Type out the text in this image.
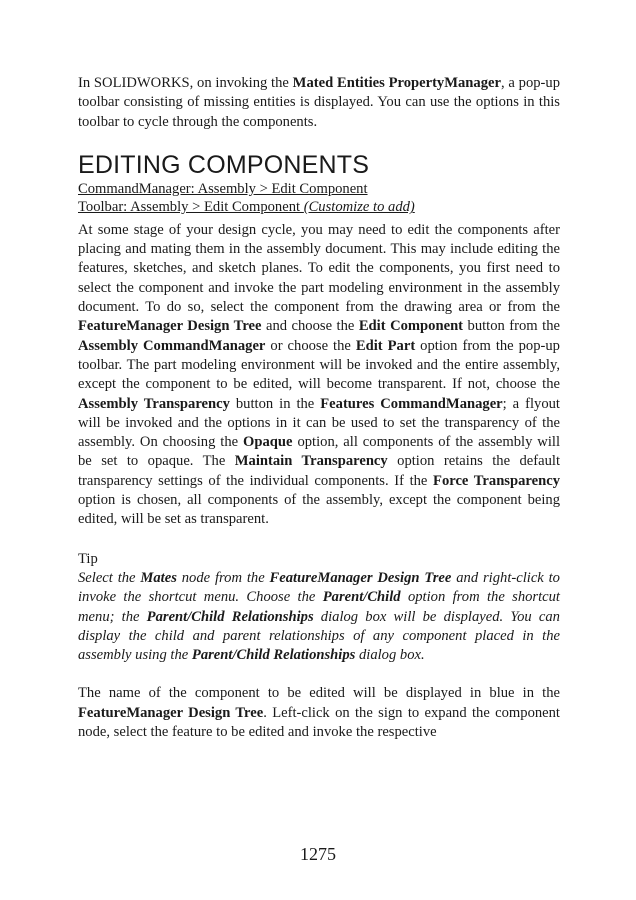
In SOLIDWORKS, on invoking the Mated Entities PropertyManager, a pop-up toolbar consisting of missing entities is displayed. You can use the options in this toolbar to cycle through the components.

EDITING COMPONENTS
CommandManager: Assembly > Edit Component
Toolbar: Assembly > Edit Component (Customize to add)

At some stage of your design cycle, you may need to edit the components after placing and mating them in the assembly document. This may include editing the features, sketches, and sketch planes. To edit the components, you first need to select the component and invoke the part modeling environment in the assembly document. To do so, select the component from the drawing area or from the FeatureManager Design Tree and choose the Edit Component button from the Assembly CommandManager or choose the Edit Part option from the pop-up toolbar. The part modeling environment will be invoked and the entire assembly, except the component to be edited, will become transparent. If not, choose the Assembly Transparency button in the Features CommandManager; a flyout will be invoked and the options in it can be used to set the transparency of the assembly. On choosing the Opaque option, all components of the assembly will be set to opaque. The Maintain Transparency option retains the default transparency settings of the individual components. If the Force Transparency option is chosen, all components of the assembly, except the component being edited, will be set as transparent.

Tip

Select the Mates node from the FeatureManager Design Tree and right-click to invoke the shortcut menu. Choose the Parent/Child option from the shortcut menu; the Parent/Child Relationships dialog box will be displayed. You can display the child and parent relationships of any component placed in the assembly using the Parent/Child Relationships dialog box.

The name of the component to be edited will be displayed in blue in the FeatureManager Design Tree. Left-click on the sign to expand the component node, select the feature to be edited and invoke the respective

1275
